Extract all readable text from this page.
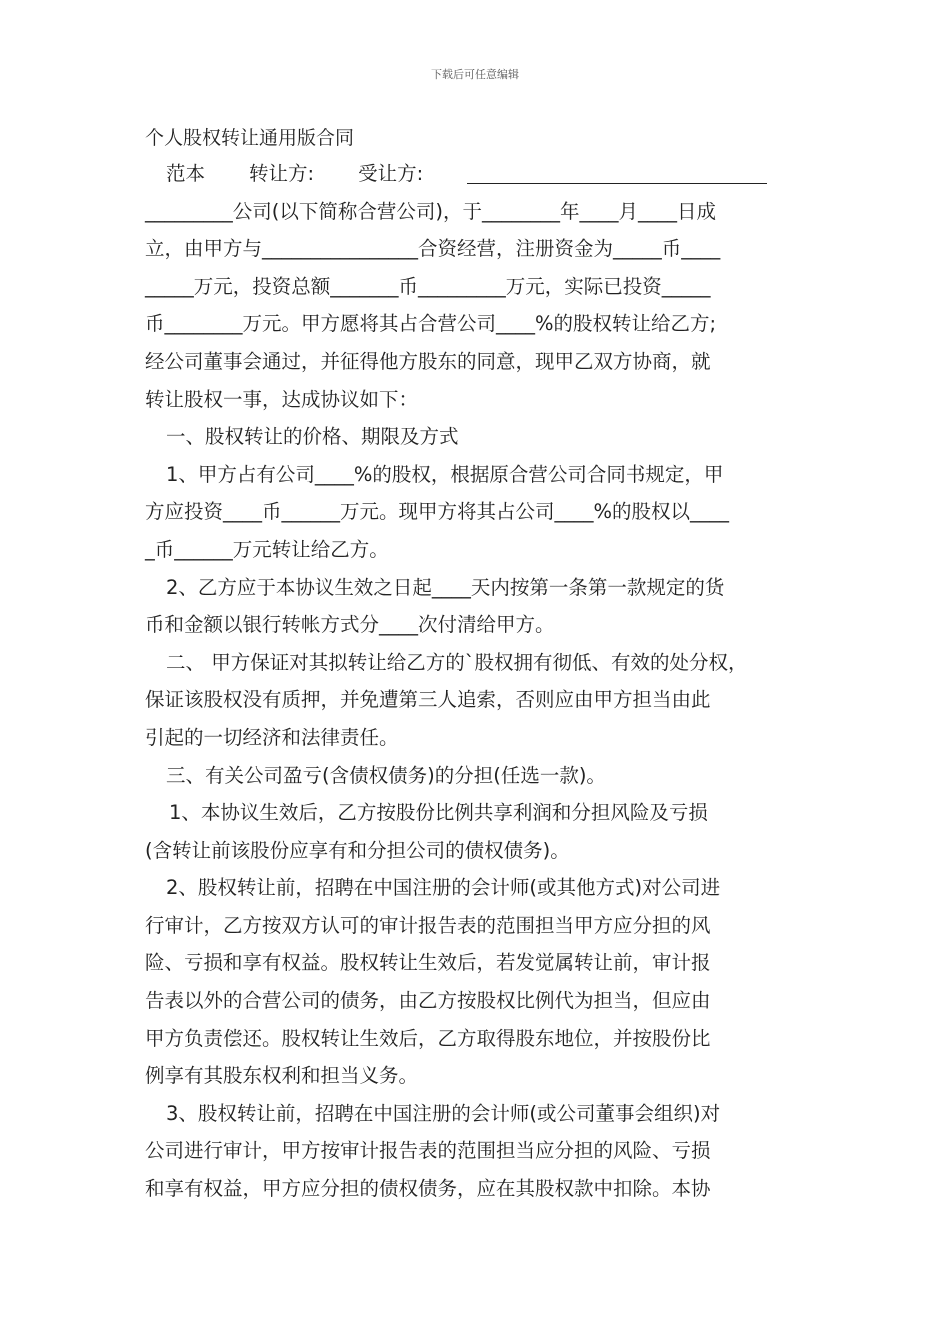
下载后可任意编辑
个人股权转让通用版合同
范本 转让方: 受让方:
_________公司(以下简称合营公司)，于________年____月____日成
立，由甲方与________________合资经营，注册资金为_____币____
_____万元，投资总额_______币_________万元，实际已投资_____
币________万元。甲方愿将其占合营公司____%的股权转让给乙方;
经公司董事会通过，并征得他方股东的同意，现甲乙双方协商，就
转让股权一事，达成协议如下：
一、股权转让的价格、期限及方式
1、甲方占有公司____%的股权，根据原合营公司合同书规定，甲
方应投资____币______万元。现甲方将其占公司____%的股权以____
_币______万元转让给乙方。
2、乙方应于本协议生效之日起____天内按第一条第一款规定的货
币和金额以银行转帐方式分____次付清给甲方。
二、 甲方保证对其拟转让给乙方的`股权拥有彻低、有效的处分权，
保证该股权没有质押，并免遭第三人追索，否则应由甲方担当由此
引起的一切经济和法律责任。
三、有关公司盈亏(含债权债务)的分担(任选一款)。
1、本协议生效后，乙方按股份比例共享利润和分担风险及亏损
(含转让前该股份应享有和分担公司的债权债务)。
2、股权转让前，招聘在中国注册的会计师(或其他方式)对公司进
行审计，乙方按双方认可的审计报告表的范围担当甲方应分担的风
险、亏损和享有权益。股权转让生效后，若发觉属转让前，审计报
告表以外的合营公司的债务，由乙方按股权比例代为担当，但应由
甲方负责偿还。股权转让生效后，乙方取得股东地位，并按股份比
例享有其股东权利和担当义务。
3、股权转让前，招聘在中国注册的会计师(或公司董事会组织)对
公司进行审计，甲方按审计报告表的范围担当应分担的风险、亏损
和享有权益，甲方应分担的债权债务，应在其股权款中扣除。本协
